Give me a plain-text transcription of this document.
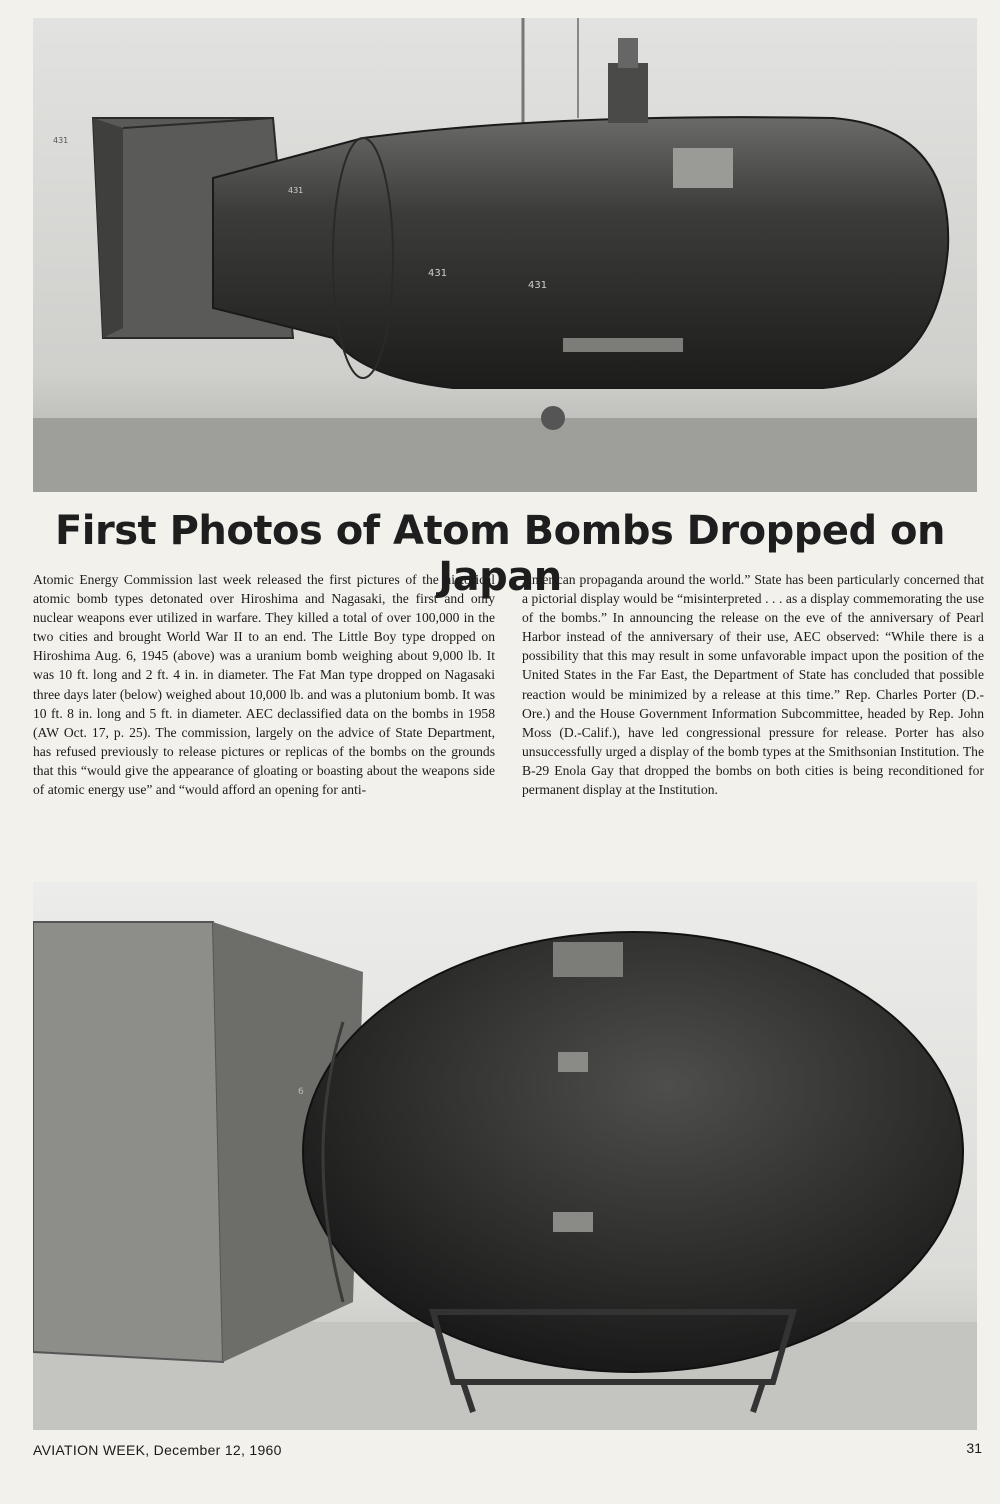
431
431
431
431
First Photos of Atom Bombs Dropped on Japan

Atomic Energy Commission last week released the first pictures of the historical atomic bomb types detonated over Hiroshima and Nagasaki, the first and only nuclear weapons ever utilized in warfare. They killed a total of over 100,000 in the two cities and brought World War II to an end. The Little Boy type dropped on Hiroshima Aug. 6, 1945 (above) was a uranium bomb weighing about 9,000 lb. It was 10 ft. long and 2 ft. 4 in. in diameter. The Fat Man type dropped on Nagasaki three days later (below) weighed about 10,000 lb. and was a plutonium bomb. It was 10 ft. 8 in. long and 5 ft. in diameter. AEC declassified data on the bombs in 1958 (AW Oct. 17, p. 25). The commission, largely on the advice of State Department, has refused previously to release pictures or replicas of the bombs on the grounds that this “would give the appearance of gloating or boasting about the weapons side of atomic energy use” and “would afford an opening for anti-

American propaganda around the world.” State has been particularly concerned that a pictorial display would be “misinterpreted . . . as a display commemorating the use of the bombs.” In announcing the release on the eve of the anniversary of Pearl Harbor instead of the anniversary of their use, AEC observed: “While there is a possibility that this may result in some unfavorable impact upon the position of the United States in the Far East, the Department of State has concluded that possible reaction would be minimized by a release at this time.” Rep. Charles Porter (D.-Ore.) and the House Government Information Subcommittee, headed by Rep. John Moss (D.-Calif.), have led congressional pressure for release. Porter has also unsuccessfully urged a display of the bomb types at the Smithsonian Institution. The B-29 Enola Gay that dropped the bombs on both cities is being reconditioned for permanent display at the Institution.

6
AVIATION WEEK, December 12, 1960	31
